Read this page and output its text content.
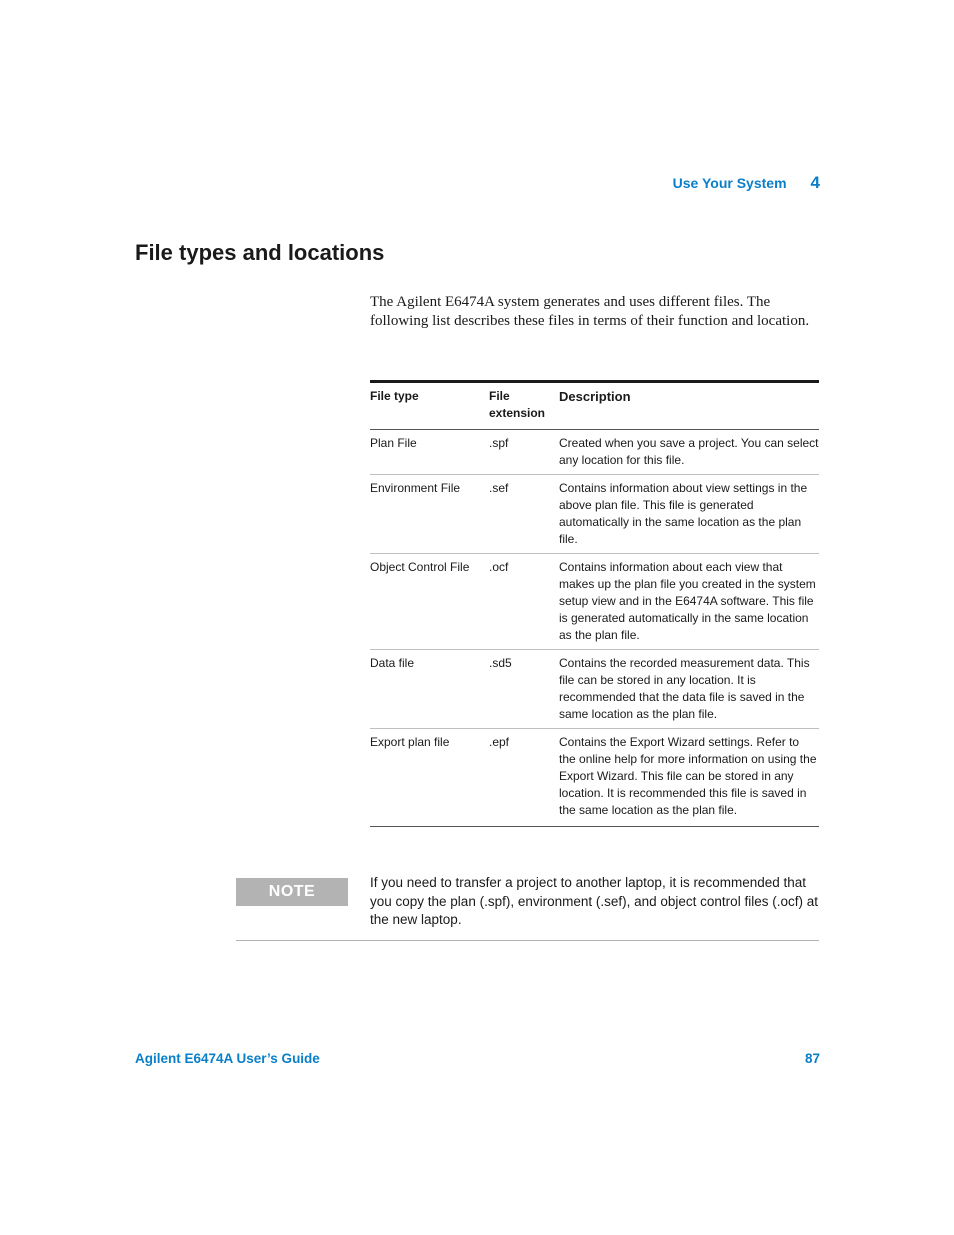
Use Your System 4
File types and locations

The Agilent E6474A system generates and uses different files. The following list describes these files in terms of their function and location.

File type	File extension	Description
Plan File	.spf	Created when you save a project. You can select any location for this file.
Environment File	.sef	Contains information about view settings in the above plan file. This file is generated automatically in the same location as the plan file.
Object Control File	.ocf	Contains information about each view that makes up the plan file you created in the system setup view and in the E6474A software. This file is generated automatically in the same location as the plan file.
Data file	.sd5	Contains the recorded measurement data. This file can be stored in any location. It is recommended that the data file is saved in the same location as the plan file.
Export plan file	.epf	Contains the Export Wizard settings. Refer to the online help for more information on using the Export Wizard. This file can be stored in any location. It is recommended this file is saved in the same location as the plan file.
NOTE

If you need to transfer a project to another laptop, it is recommended that you copy the plan (.spf), environment (.sef), and object control files (.ocf) at the new laptop.

Agilent E6474A User’s Guide	87
